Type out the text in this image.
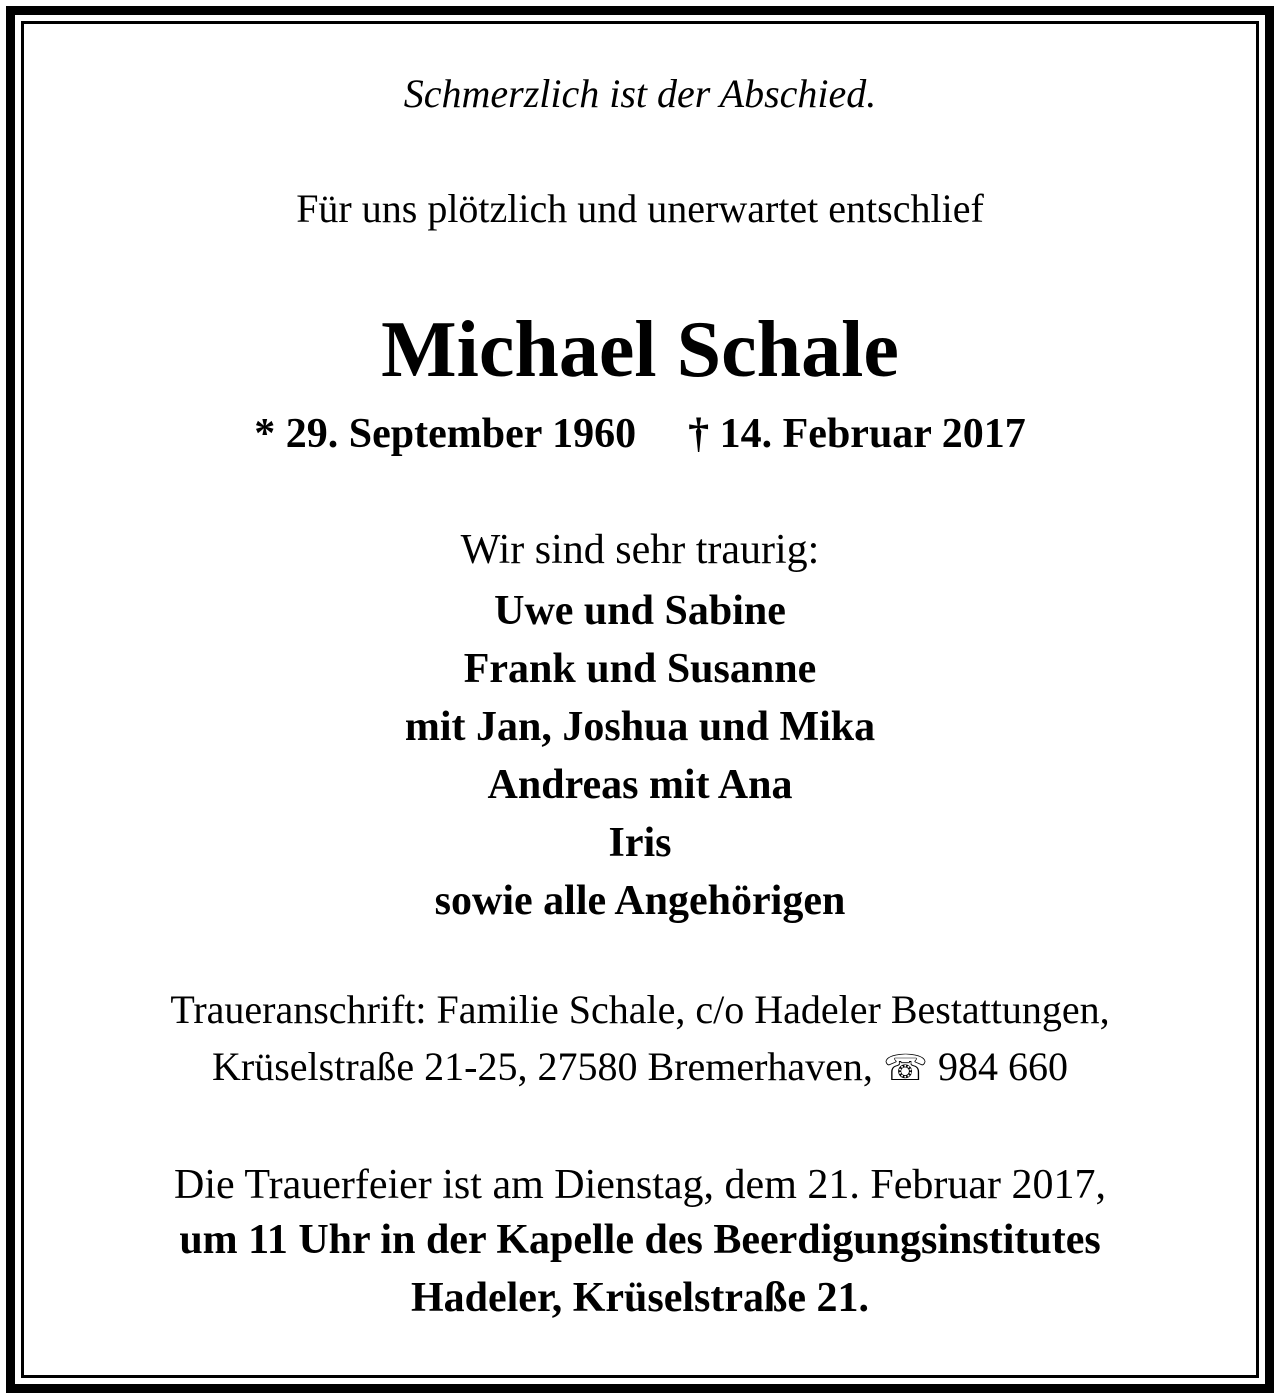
Schmerzlich ist der Abschied.
Für uns plötzlich und unerwartet entschlief
Michael Schale
* 29. September 1960 † 14. Februar 2017
Wir sind sehr traurig:
Uwe und Sabine
Frank und Susanne
mit Jan, Joshua und Mika
Andreas mit Ana
Iris
sowie alle Angehörigen
Traueranschrift: Familie Schale, c/o Hadeler Bestattungen,
Krüselstraße 21-25, 27580 Bremerhaven, ☏ 984 660
Die Trauerfeier ist am Dienstag, dem 21. Februar 2017,
um 11 Uhr in der Kapelle des Beerdigungsinstitutes
Hadeler, Krüselstraße 21.
